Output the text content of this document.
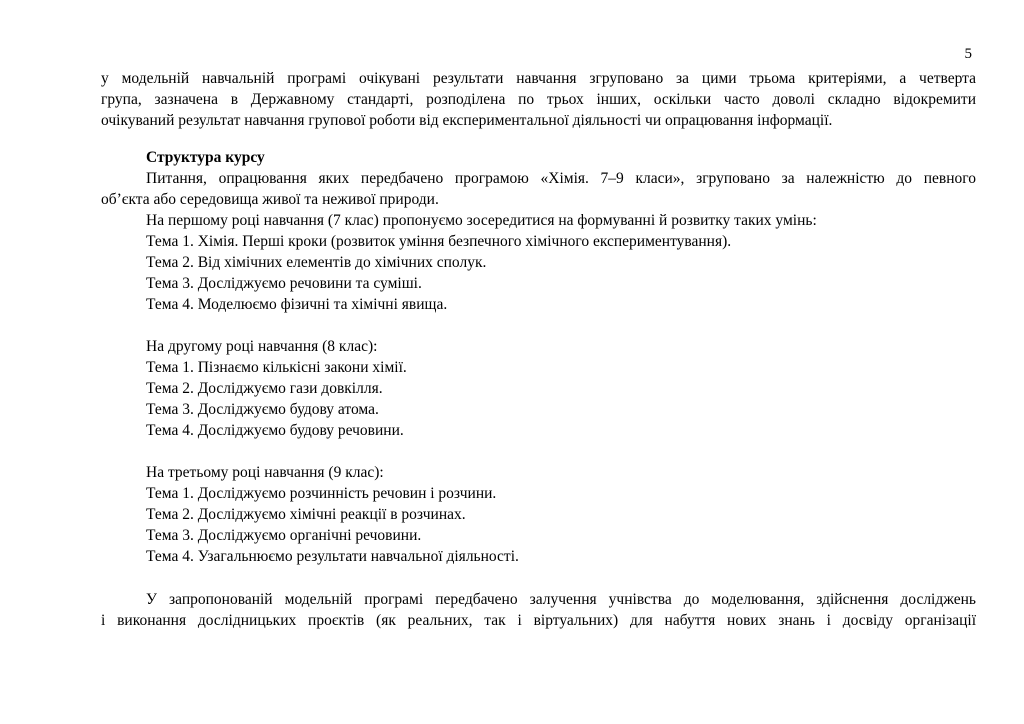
5

у модельній навчальній програмі очікувані результати навчання згруповано за цими трьома критеріями, а четверта

група, зазначена в Державному стандарті, розподілена по трьох інших, оскільки часто доволі складно відокремити

очікуваний результат навчання групової роботи від експериментальної діяльності чи опрацювання інформації.

Структура курсу

Питання, опрацювання яких передбачено програмою «Хімія. 7–9 класи», згруповано за належністю до певного

об’єкта або середовища живої та неживої природи.

На першому році навчання (7 клас) пропонуємо зосередитися на формуванні й розвитку таких умінь:

Тема 1. Хімія. Перші кроки (розвиток уміння безпечного хімічного експериментування).

Тема 2. Від хімічних елементів до хімічних сполук.

Тема 3. Досліджуємо речовини та суміші.

Тема 4. Моделюємо фізичні та хімічні явища.

На другому році навчання (8 клас):

Тема 1. Пізнаємо кількісні закони хімії.

Тема 2. Досліджуємо гази довкілля.

Тема 3. Досліджуємо будову атома.

Тема 4. Досліджуємо будову речовини.

На третьому році навчання (9 клас):

Тема 1. Досліджуємо розчинність речовин і розчини.

Тема 2. Досліджуємо хімічні реакції в розчинах.

Тема 3. Досліджуємо органічні речовини.

Тема 4. Узагальнюємо результати навчальної діяльності.

У запропонованій модельній програмі передбачено залучення учнівства до моделювання, здійснення досліджень

і виконання дослідницьких проєктів (як реальних, так і віртуальних) для набуття нових знань і досвіду організації
